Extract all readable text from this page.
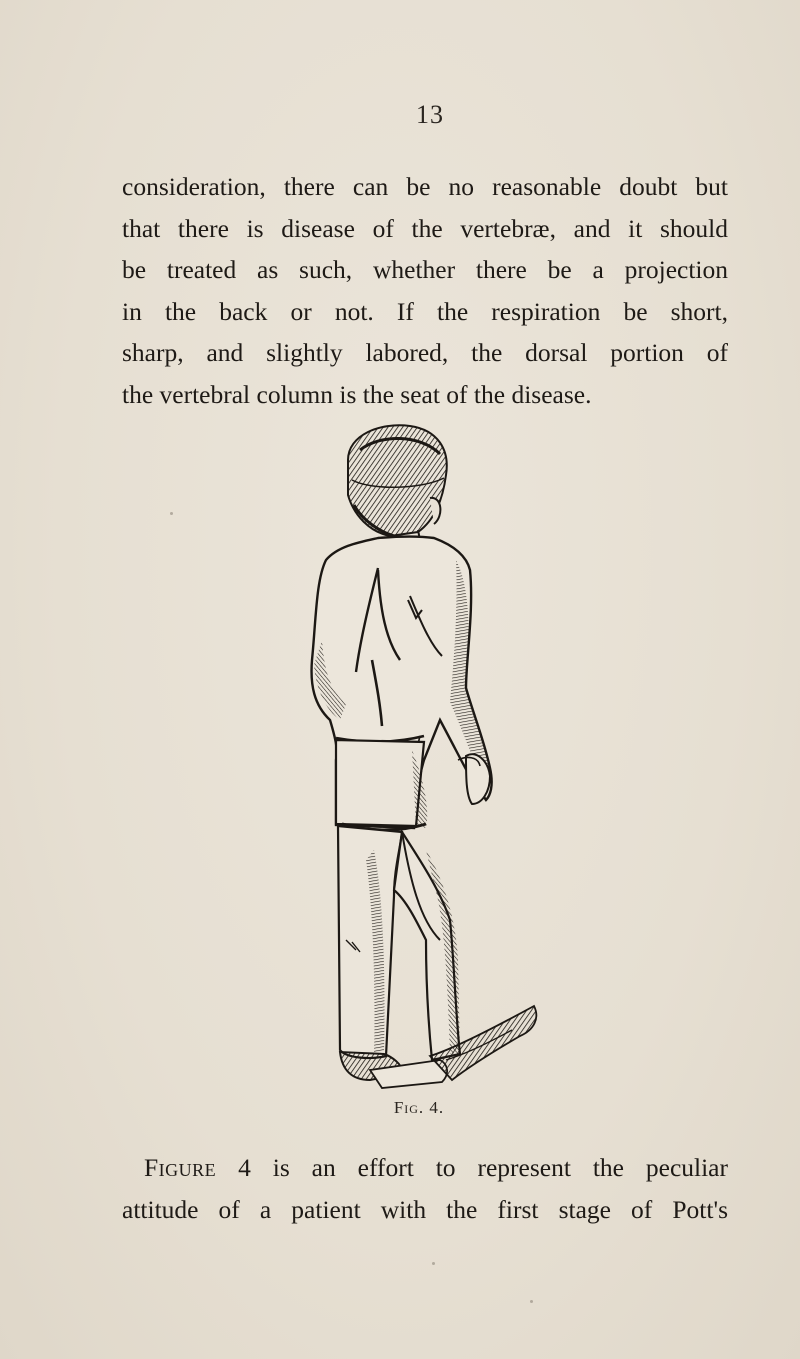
13

consideration, there can be no reasonable doubt but
that there is disease of the vertebræ, and it should
be treated as such, whether there be a projection
in the back or not. If the respiration be short,
sharp, and slightly labored, the dorsal portion of
the vertebral column is the seat of the disease.

Fig. 4.

Figure 4 is an effort to represent the peculiar
attitude of a patient with the first stage of Pott's
